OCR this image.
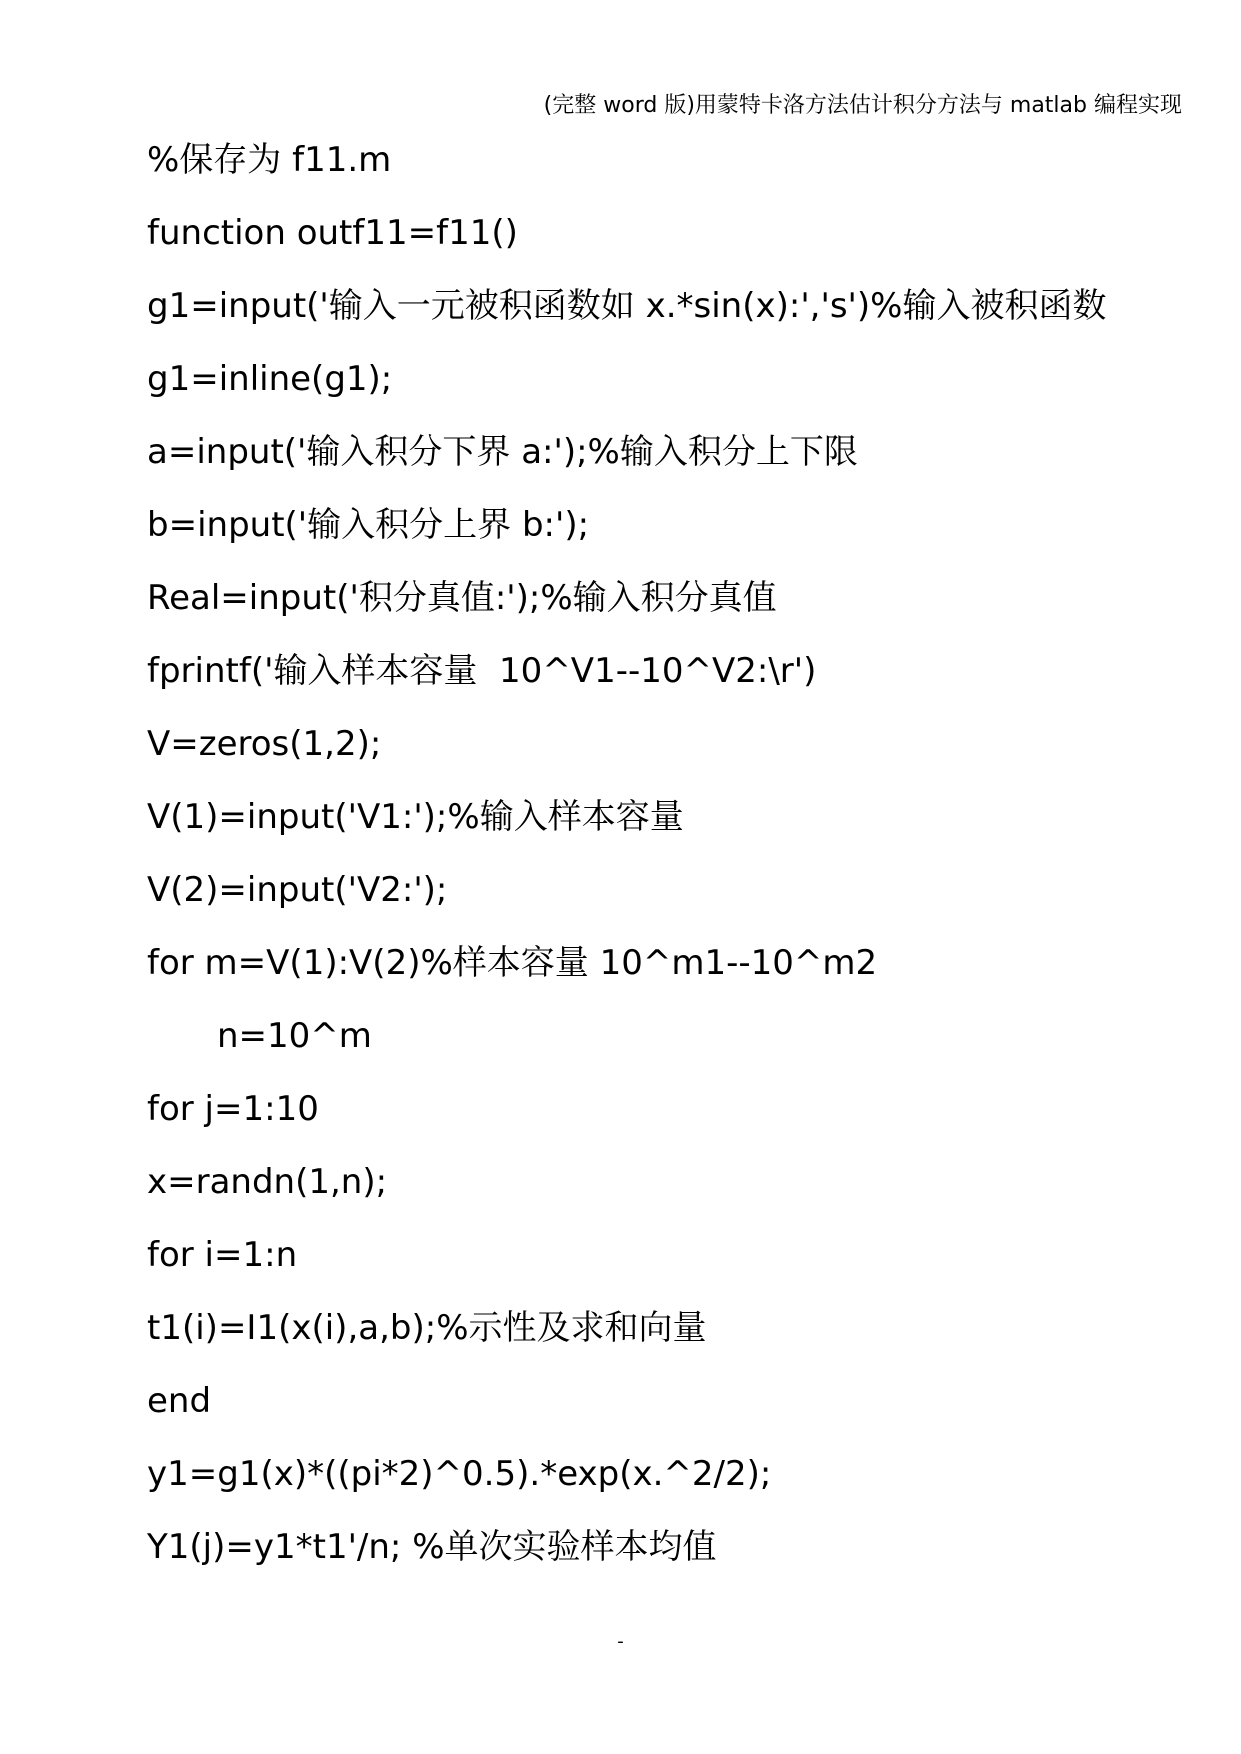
(完整 word 版)用蒙特卡洛方法估计积分方法与 matlab 编程实现
%保存为 f11.m
function outf11=f11()
g1=input('输入一元被积函数如 x.*sin(x):','s')%输入被积函数
g1=inline(g1);
a=input('输入积分下界 a:');%输入积分上下限
b=input('输入积分上界 b:');
Real=input('积分真值:');%输入积分真值
fprintf('输入样本容量  10^V1--10^V2:\r')
V=zeros(1,2);
V(1)=input('V1:');%输入样本容量
V(2)=input('V2:');
for m=V(1):V(2)%样本容量 10^m1--10^m2
n=10^m
for j=1:10
x=randn(1,n);
for i=1:n
t1(i)=I1(x(i),a,b);%示性及求和向量
end
y1=g1(x)*((pi*2)^0.5).*exp(x.^2/2);
Y1(j)=y1*t1'/n; %单次实验样本均值
-
